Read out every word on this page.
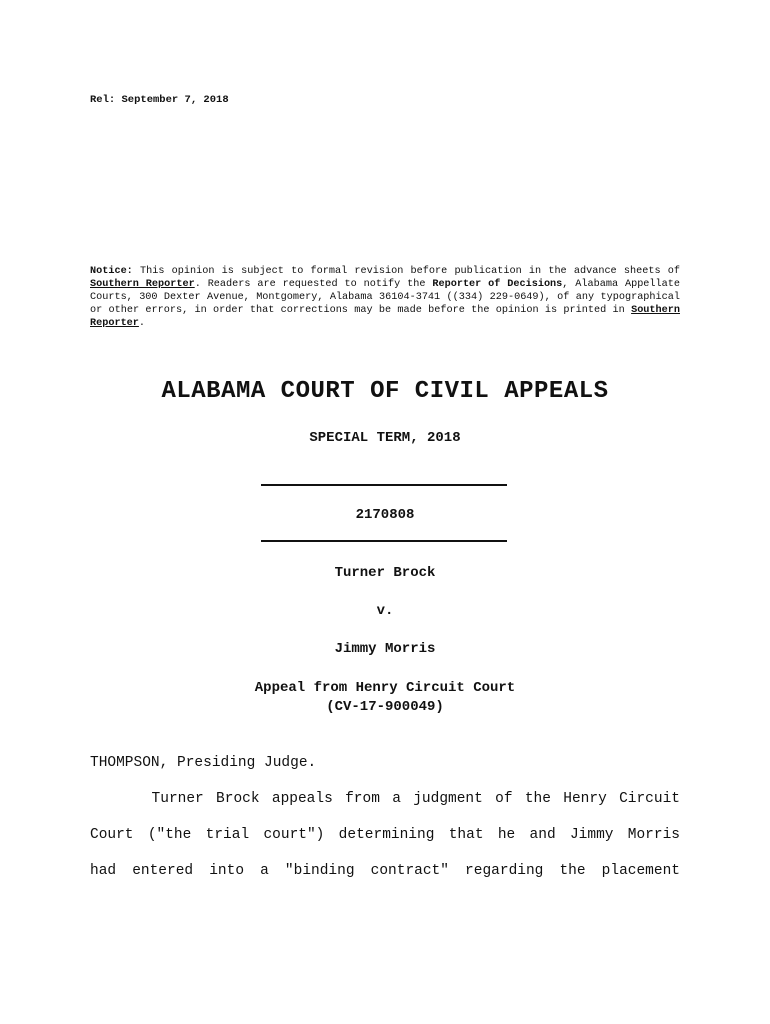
Rel: September 7, 2018
Notice: This opinion is subject to formal revision before publication in the advance sheets of Southern Reporter. Readers are requested to notify the Reporter of Decisions, Alabama Appellate Courts, 300 Dexter Avenue, Montgomery, Alabama 36104-3741 ((334) 229-0649), of any typographical or other errors, in order that corrections may be made before the opinion is printed in Southern Reporter.
ALABAMA COURT OF CIVIL APPEALS
SPECIAL TERM, 2018
2170808
Turner Brock
v.
Jimmy Morris
Appeal from Henry Circuit Court
(CV-17-900049)
THOMPSON, Presiding Judge.
Turner Brock appeals from a judgment of the Henry Circuit
Court ("the trial court") determining that he and Jimmy Morris
had entered into a "binding contract" regarding the placement
